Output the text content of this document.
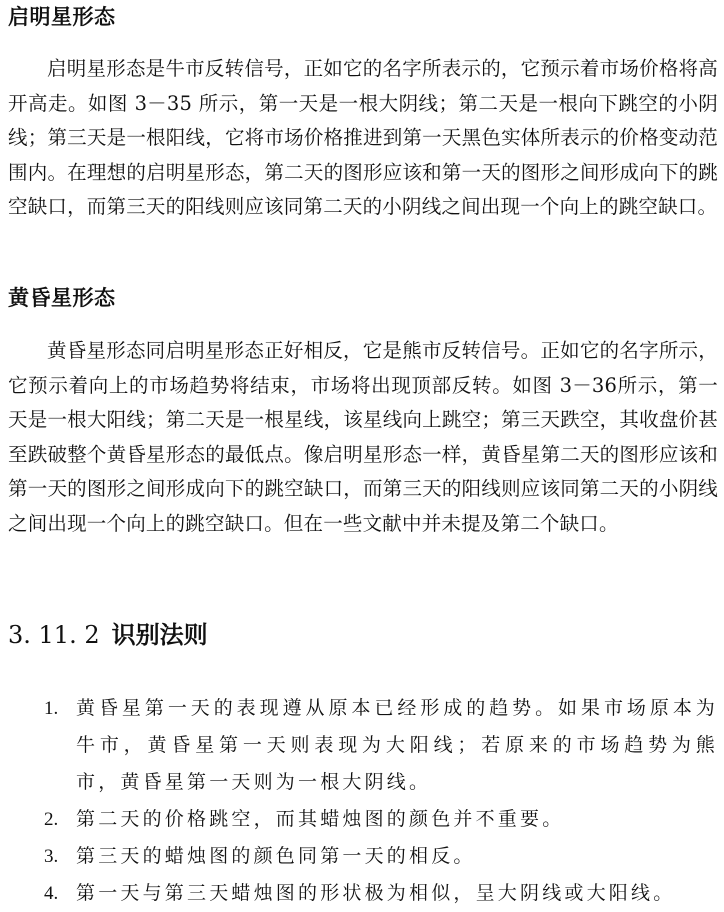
启明星形态

启明星形态是牛市反转信号，正如它的名字所表示的，它预示着市场价格将高开高走。如图 3－35 所示，第一天是一根大阴线；第二天是一根向下跳空的小阴线；第三天是一根阳线，它将市场价格推进到第一天黑色实体所表示的价格变动范围内。在理想的启明星形态，第二天的图形应该和第一天的图形之间形成向下的跳空缺口，而第三天的阳线则应该同第二天的小阴线之间出现一个向上的跳空缺口。

黄昏星形态

黄昏星形态同启明星形态正好相反，它是熊市反转信号。正如它的名字所示，它预示着向上的市场趋势将结束，市场将出现顶部反转。如图 3－36所示，第一天是一根大阳线；第二天是一根星线，该星线向上跳空；第三天跌空，其收盘价甚至跌破整个黄昏星形态的最低点。像启明星形态一样，黄昏星第二天的图形应该和第一天的图形之间形成向下的跳空缺口，而第三天的阳线则应该同第二天的小阴线之间出现一个向上的跳空缺口。但在一些文献中并未提及第二个缺口。

3. 11. 2 识别法则
1. 黄昏星第一天的表现遵从原本已经形成的趋势。如果市场原本为牛市，黄昏星第一天则表现为大阳线；若原来的市场趋势为熊市，黄昏星第一天则为一根大阴线。
2. 第二天的价格跳空，而其蜡烛图的颜色并不重要。
3. 第三天的蜡烛图的颜色同第一天的相反。
4. 第一天与第三天蜡烛图的形状极为相似，呈大阴线或大阳线。
